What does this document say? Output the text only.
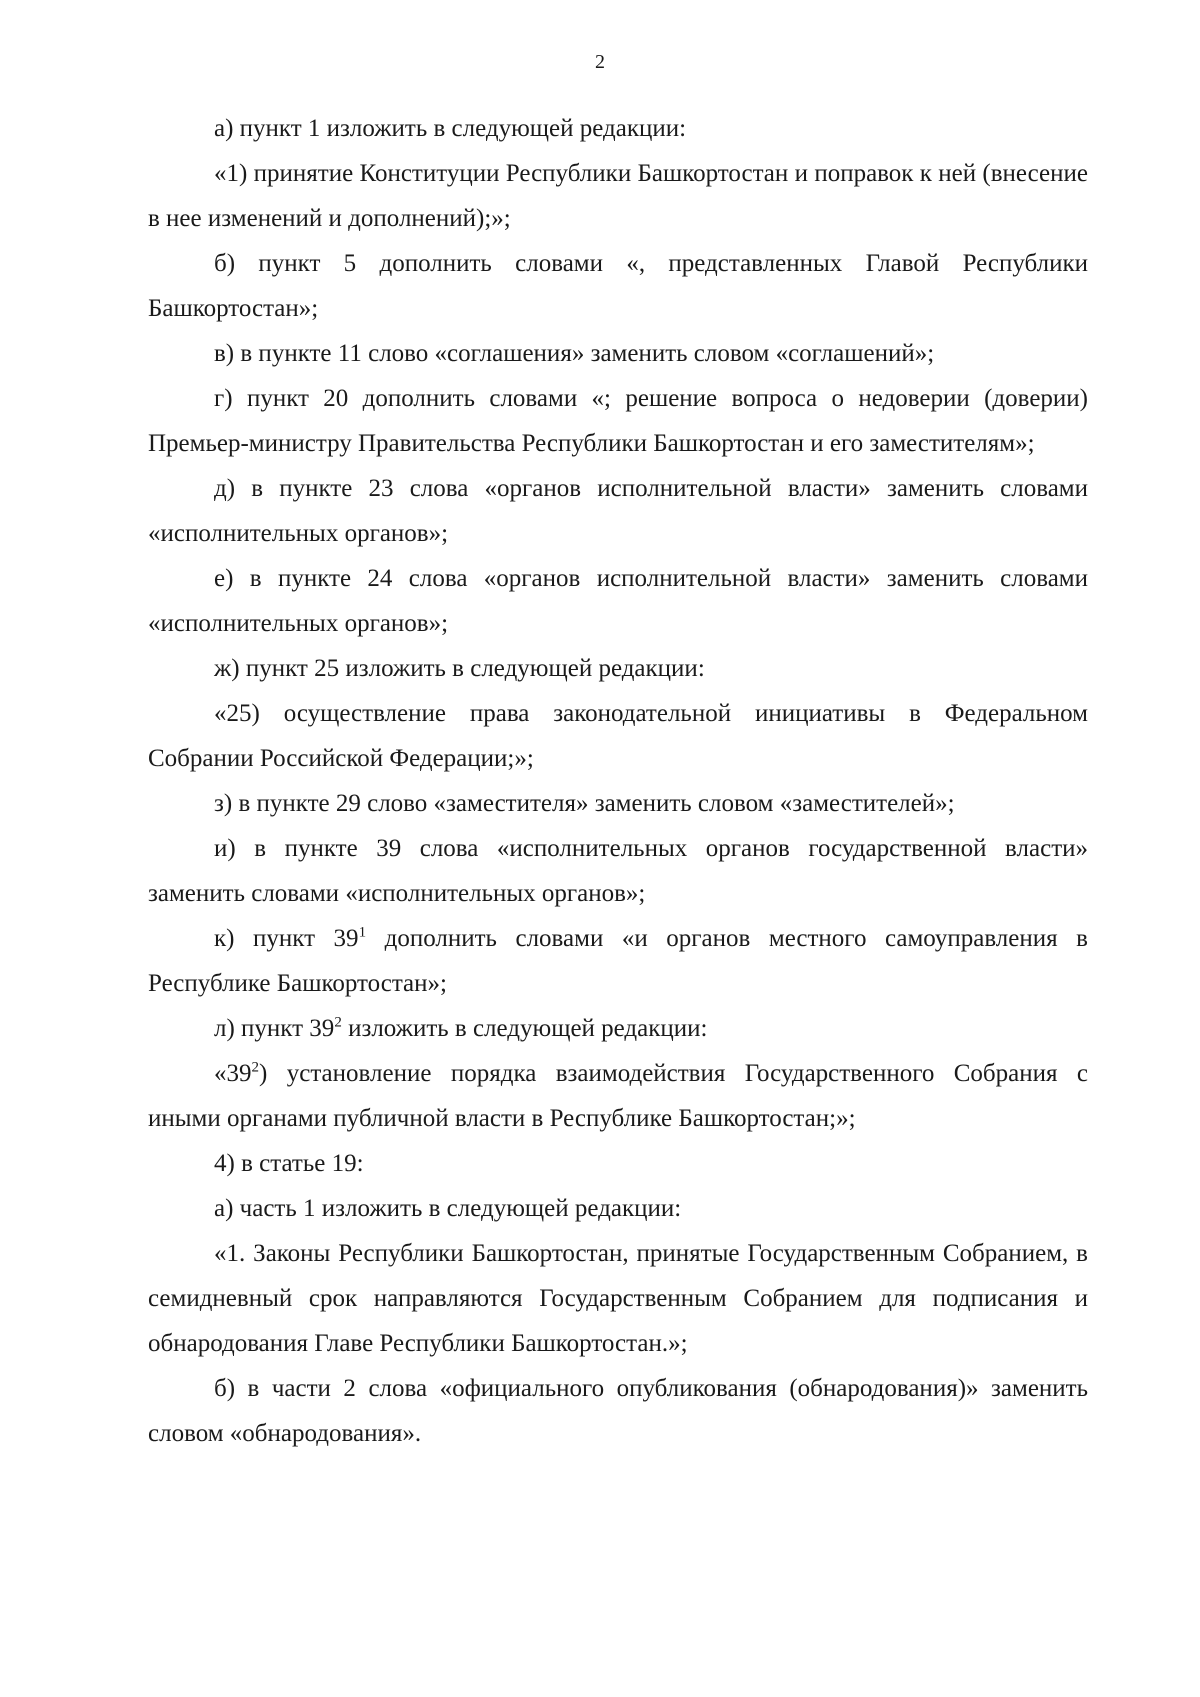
2

а) пункт 1 изложить в следующей редакции:

«1) принятие Конституции Республики Башкортостан и поправок к ней (внесение в нее изменений и дополнений);»;

б) пункт 5 дополнить словами «, представленных Главой Республики Башкортостан»;

в) в пункте 11 слово «соглашения» заменить словом «соглашений»;

г) пункт 20 дополнить словами «; решение вопроса о недоверии (доверии) Премьер-министру Правительства Республики Башкортостан и его заместителям»;

д) в пункте 23 слова «органов исполнительной власти» заменить словами «исполнительных органов»;

е) в пункте 24 слова «органов исполнительной власти» заменить словами «исполнительных органов»;

ж) пункт 25 изложить в следующей редакции:

«25) осуществление права законодательной инициативы в Федеральном Собрании Российской Федерации;»;

з) в пункте 29 слово «заместителя» заменить словом «заместителей»;

и) в пункте 39 слова «исполнительных органов государственной власти» заменить словами «исполнительных органов»;

к) пункт $39^1$ дополнить словами «и органов местного самоуправления в Республике Башкортостан»;

л) пункт $39^2$ изложить в следующей редакции:

«$39^2$) установление порядка взаимодействия Государственного Собрания с иными органами публичной власти в Республике Башкортостан;»;

4) в статье 19:

а) часть 1 изложить в следующей редакции:

«1. Законы Республики Башкортостан, принятые Государственным Собранием, в семидневный срок направляются Государственным Собранием для подписания и обнародования Главе Республики Башкортостан.»;

б) в части 2 слова «официального опубликования (обнародования)» заменить словом «обнародования».
